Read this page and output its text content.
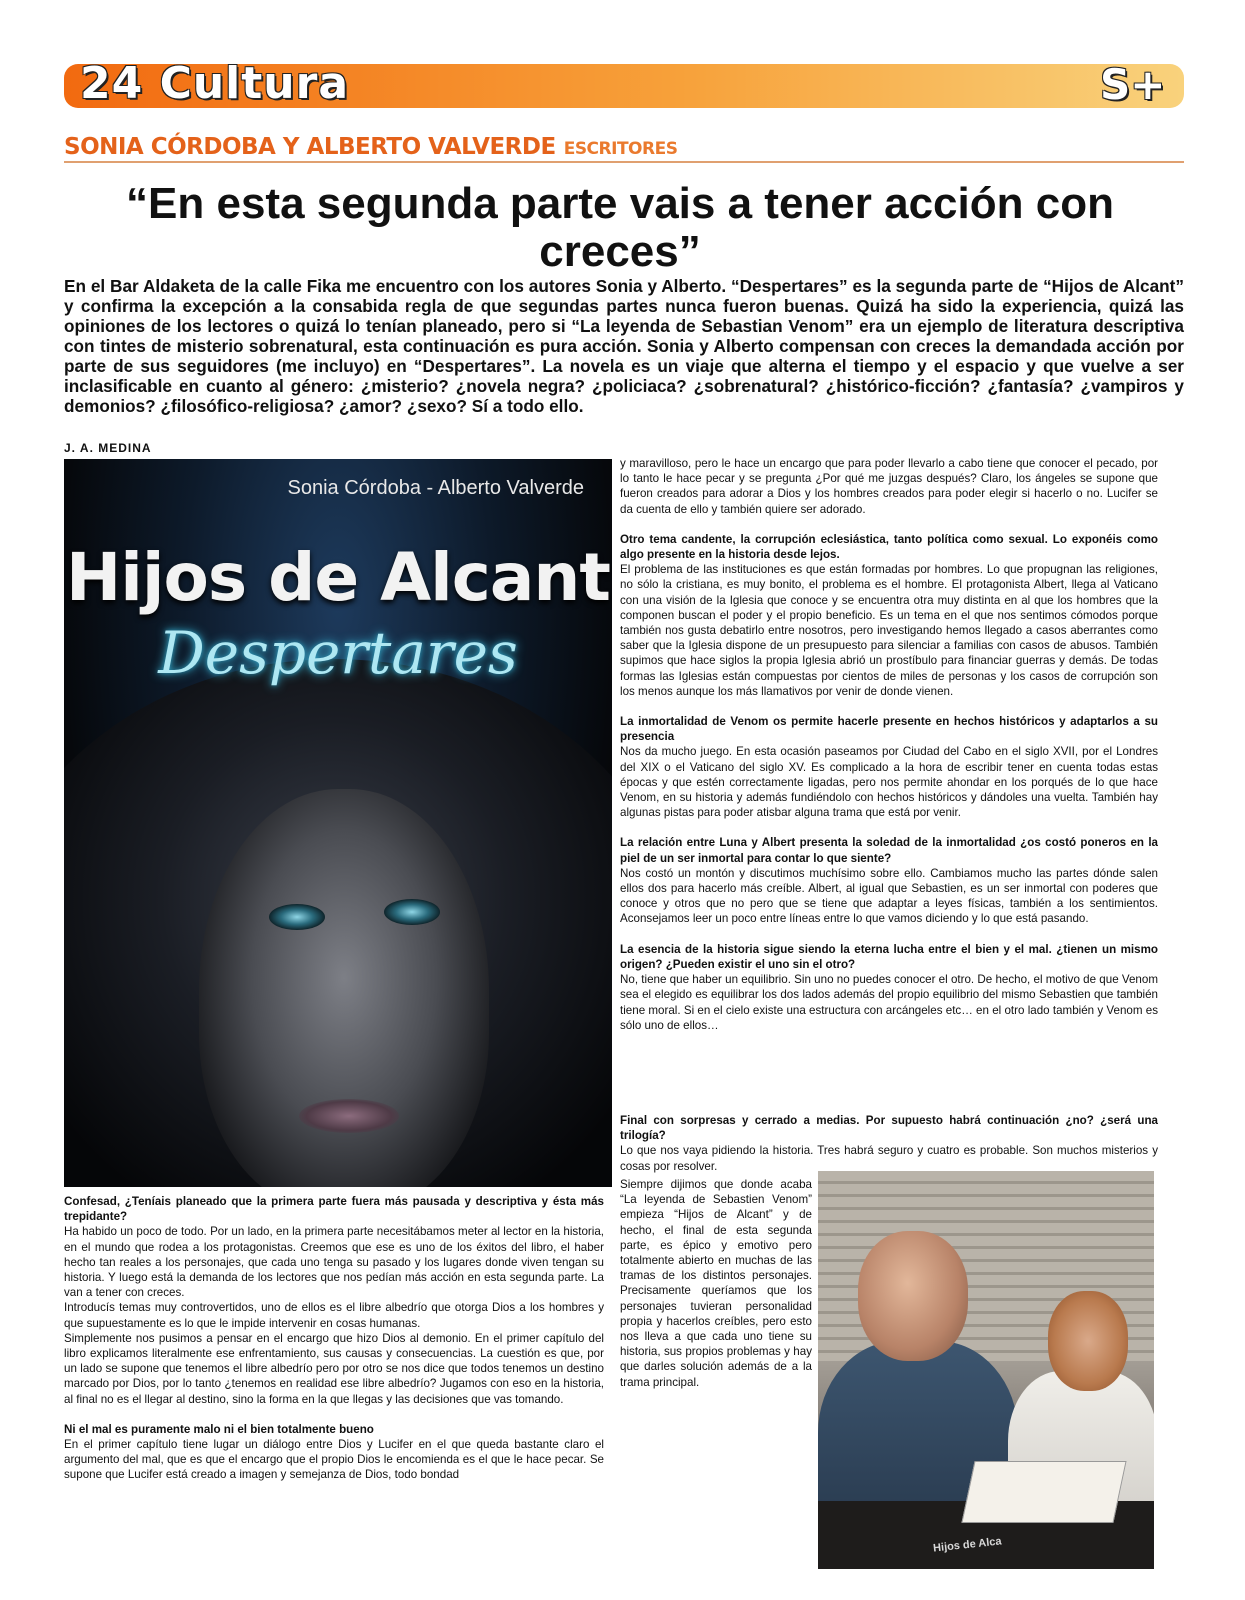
24 Cultura	S+
SONIA CÓRDOBA Y ALBERTO VALVERDE ESCRITORES
“En esta segunda parte vais a tener acción con creces”
En el Bar Aldaketa de la calle Fika me encuentro con los autores Sonia y Alberto. “Despertares” es la segunda parte de “Hijos de Alcant” y confirma la excepción a la consabida regla de que segundas partes nunca fueron buenas. Quizá ha sido la experiencia, quizá las opiniones de los lectores o quizá lo tenían planeado, pero si “La leyenda de Sebastian Venom” era un ejemplo de literatura descriptiva con tintes de misterio sobrenatural, esta continuación es pura acción. Sonia y Alberto compensan con creces la demandada acción por parte de sus seguidores (me incluyo) en “Despertares”. La novela es un viaje que alterna el tiempo y el espacio y que vuelve a ser inclasificable en cuanto al género: ¿misterio? ¿novela negra? ¿policiaca? ¿sobrenatural? ¿histórico-ficción? ¿fantasía? ¿vampiros y demonios? ¿filosófico-religiosa? ¿amor? ¿sexo? Sí a todo ello.
J. A. MEDINA
Sonia Córdoba - Alberto Valverde
Hijos de Alcant
Despertares

Confesad, ¿Teníais planeado que la primera parte fuera más pausada y descriptiva y ésta más trepidante?

Ha habido un poco de todo. Por un lado, en la primera parte necesitábamos meter al lector en la historia, en el mundo que rodea a los protagonistas. Creemos que ese es uno de los éxitos del libro, el haber hecho tan reales a los personajes, que cada uno tenga su pasado y los lugares donde viven tengan su historia. Y luego está la demanda de los lectores que nos pedían más acción en esta segunda parte. La van a tener con creces.

Introducís temas muy controvertidos, uno de ellos es el libre albedrío que otorga Dios a los hombres y que supuestamente es lo que le impide intervenir en cosas humanas.

Simplemente nos pusimos a pensar en el encargo que hizo Dios al demonio. En el primer capítulo del libro explicamos literalmente ese enfrentamiento, sus causas y consecuencias. La cuestión es que, por un lado se supone que tenemos el libre albedrío pero por otro se nos dice que todos tenemos un destino marcado por Dios, por lo tanto ¿tenemos en realidad ese libre albedrío? Jugamos con eso en la historia, al final no es el llegar al destino, sino la forma en la que llegas y las decisiones que vas tomando.

Ni el mal es puramente malo ni el bien totalmente bueno

En el primer capítulo tiene lugar un diálogo entre Dios y Lucifer en el que queda bastante claro el argumento del mal, que es que el encargo que el propio Dios le encomienda es el que le hace pecar. Se supone que Lucifer está creado a imagen y semejanza de Dios, todo bondad

y maravilloso, pero le hace un encargo que para poder llevarlo a cabo tiene que conocer el pecado, por lo tanto le hace pecar y se pregunta ¿Por qué me juzgas después? Claro, los ángeles se supone que fueron creados para adorar a Dios y los hombres creados para poder elegir si hacerlo o no. Lucifer se da cuenta de ello y también quiere ser adorado.

Otro tema candente, la corrupción eclesiástica, tanto política como sexual. Lo exponéis como algo presente en la historia desde lejos.

El problema de las instituciones es que están formadas por hombres. Lo que propugnan las religiones, no sólo la cristiana, es muy bonito, el problema es el hombre. El protagonista Albert, llega al Vaticano con una visión de la Iglesia que conoce y se encuentra otra muy distinta en al que los hombres que la componen buscan el poder y el propio beneficio. Es un tema en el que nos sentimos cómodos porque también nos gusta debatirlo entre nosotros, pero investigando hemos llegado a casos aberrantes como saber que la Iglesia dispone de un presupuesto para silenciar a familias con casos de abusos. También supimos que hace siglos la propia Iglesia abrió un prostíbulo para financiar guerras y demás. De todas formas las Iglesias están compuestas por cientos de miles de personas y los casos de corrupción son los menos aunque los más llamativos por venir de donde vienen.

La inmortalidad de Venom os permite hacerle presente en hechos históricos y adaptarlos a su presencia

Nos da mucho juego. En esta ocasión paseamos por Ciudad del Cabo en el siglo XVII, por el Londres del XIX o el Vaticano del siglo XV. Es complicado a la hora de escribir tener en cuenta todas estas épocas y que estén correctamente ligadas, pero nos permite ahondar en los porqués de lo que hace Venom, en su historia y además fundiéndolo con hechos históricos y dándoles una vuelta. También hay algunas pistas para poder atisbar alguna trama que está por venir.

La relación entre Luna y Albert presenta la soledad de la inmortalidad ¿os costó poneros en la piel de un ser inmortal para contar lo que siente?

Nos costó un montón y discutimos muchísimo sobre ello. Cambiamos mucho las partes dónde salen ellos dos para hacerlo más creíble. Albert, al igual que Sebastien, es un ser inmortal con poderes que conoce y otros que no pero que se tiene que adaptar a leyes físicas, también a los sentimientos. Aconsejamos leer un poco entre líneas entre lo que vamos diciendo y lo que está pasando.

La esencia de la historia sigue siendo la eterna lucha entre el bien y el mal. ¿tienen un mismo origen? ¿Pueden existir el uno sin el otro?

No, tiene que haber un equilibrio. Sin uno no puedes conocer el otro. De hecho, el motivo de que Venom sea el elegido es equilibrar los dos lados además del propio equilibrio del mismo Sebastien que también tiene moral. Si en el cielo existe una estructura con arcángeles etc… en el otro lado también y Venom es sólo uno de ellos…

Final con sorpresas y cerrado a medias. Por supuesto habrá continuación ¿no? ¿será una trilogía?

Lo que nos vaya pidiendo la historia. Tres habrá seguro y cuatro es probable. Son muchos misterios y cosas por resolver.

Siempre dijimos que donde acaba “La leyenda de Sebastien Venom” empieza “Hijos de Alcant” y de hecho, el final de esta segunda parte, es épico y emotivo pero totalmente abierto en muchas de las tramas de los distintos personajes. Precisamente queríamos que los personajes tuvieran personalidad propia y hacerlos creíbles, pero esto nos lleva a que cada uno tiene su historia, sus propios problemas y hay que darles solución además de a la trama principal.
Hijos de Alca
